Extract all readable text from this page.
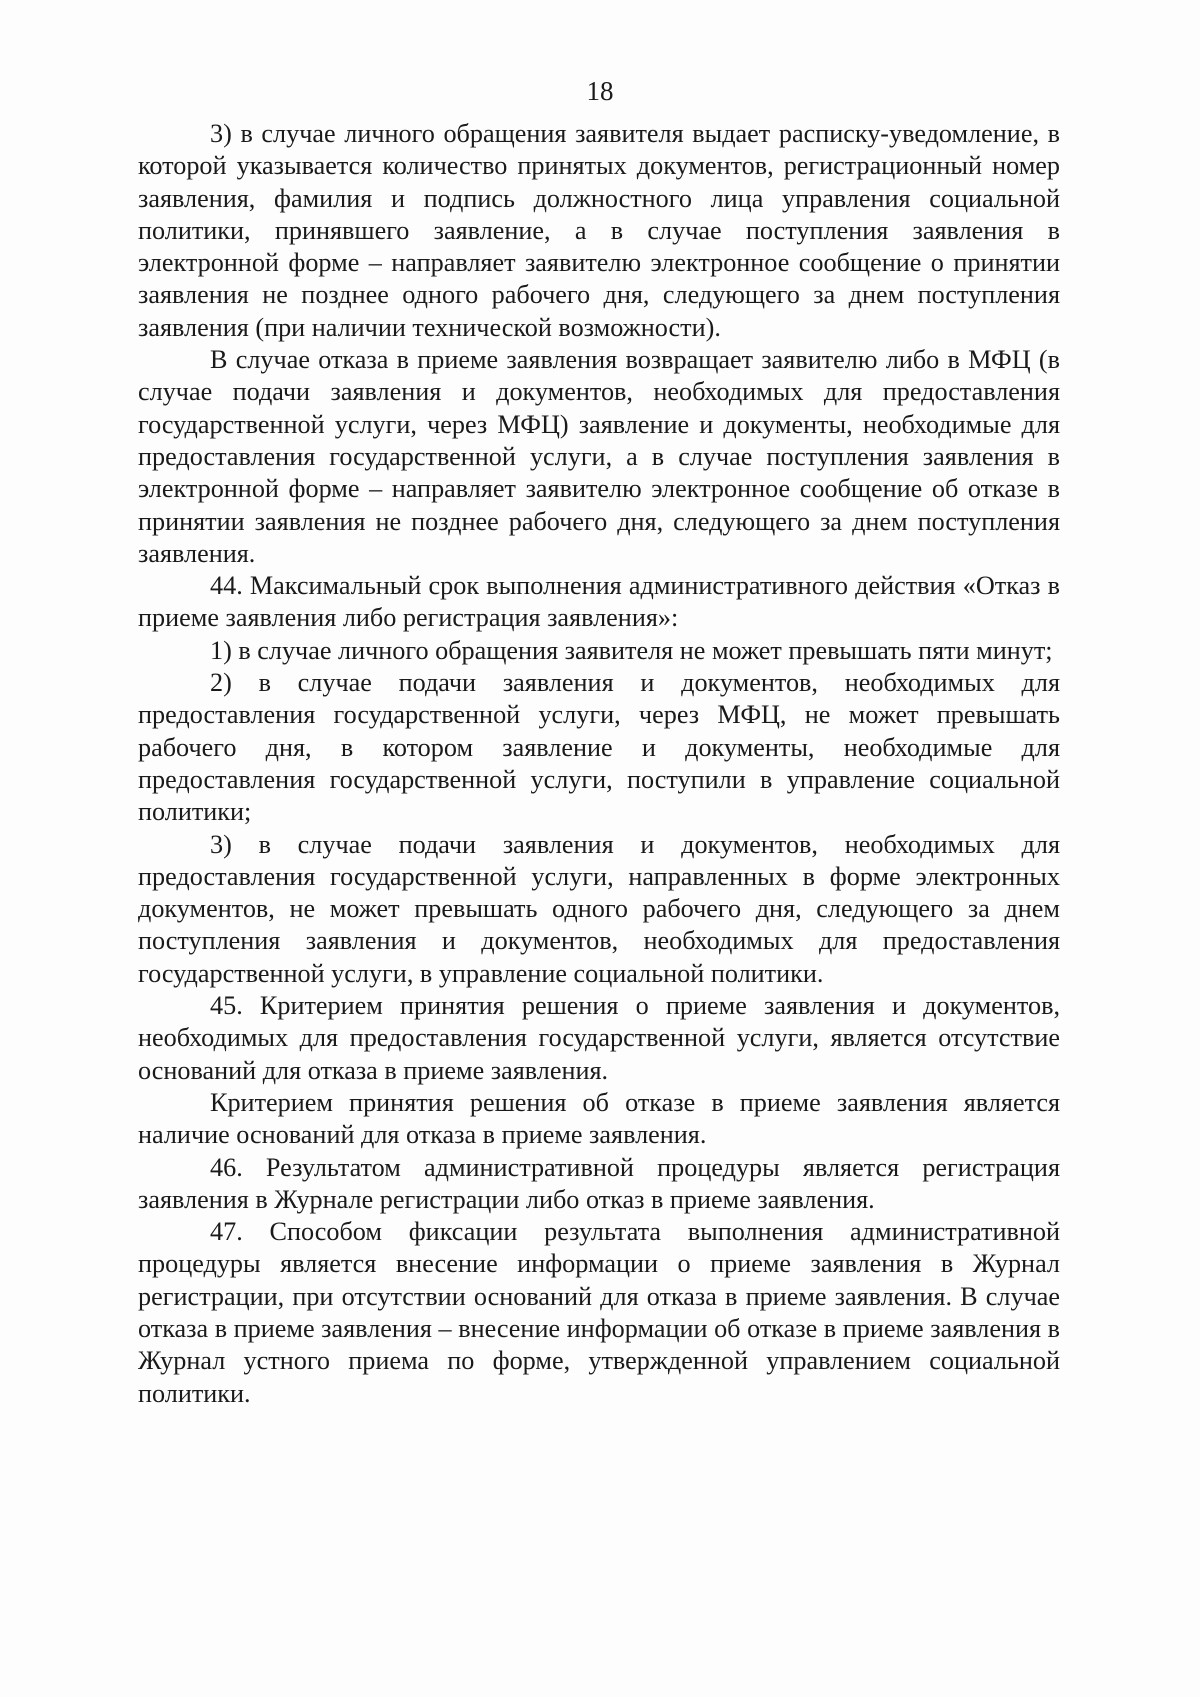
18

3) в случае личного обращения заявителя выдает расписку-уведомление, в которой указывается количество принятых документов, регистрационный номер заявления, фамилия и подпись должностного лица управления социальной политики, принявшего заявление, а в случае поступления заявления в электронной форме – направляет заявителю электронное сообщение о принятии заявления не позднее одного рабочего дня, следующего за днем поступления заявления (при наличии технической возможности).

В случае отказа в приеме заявления возвращает заявителю либо в МФЦ (в случае подачи заявления и документов, необходимых для предоставления государственной услуги, через МФЦ) заявление и документы, необходимые для предоставления государственной услуги, а в случае поступления заявления в электронной форме – направляет заявителю электронное сообщение об отказе в принятии заявления не позднее рабочего дня, следующего за днем поступления заявления.

44. Максимальный срок выполнения административного действия «Отказ в приеме заявления либо регистрация заявления»:

1) в случае личного обращения заявителя не может превышать пяти минут;

2) в случае подачи заявления и документов, необходимых для предоставления государственной услуги, через МФЦ, не может превышать рабочего дня, в котором заявление и документы, необходимые для предоставления государственной услуги, поступили в управление социальной политики;

3) в случае подачи заявления и документов, необходимых для предоставления государственной услуги, направленных в форме электронных документов, не может превышать одного рабочего дня, следующего за днем поступления заявления и документов, необходимых для предоставления государственной услуги, в управление социальной политики.

45. Критерием принятия решения о приеме заявления и документов, необходимых для предоставления государственной услуги, является отсутствие оснований для отказа в приеме заявления.

Критерием принятия решения об отказе в приеме заявления является наличие оснований для отказа в приеме заявления.

46. Результатом административной процедуры является регистрация заявления в Журнале регистрации либо отказ в приеме заявления.

47. Способом фиксации результата выполнения административной процедуры является внесение информации о приеме заявления в Журнал регистрации, при отсутствии оснований для отказа в приеме заявления. В случае отказа в приеме заявления – внесение информации об отказе в приеме заявления в Журнал устного приема по форме, утвержденной управлением социальной политики.
